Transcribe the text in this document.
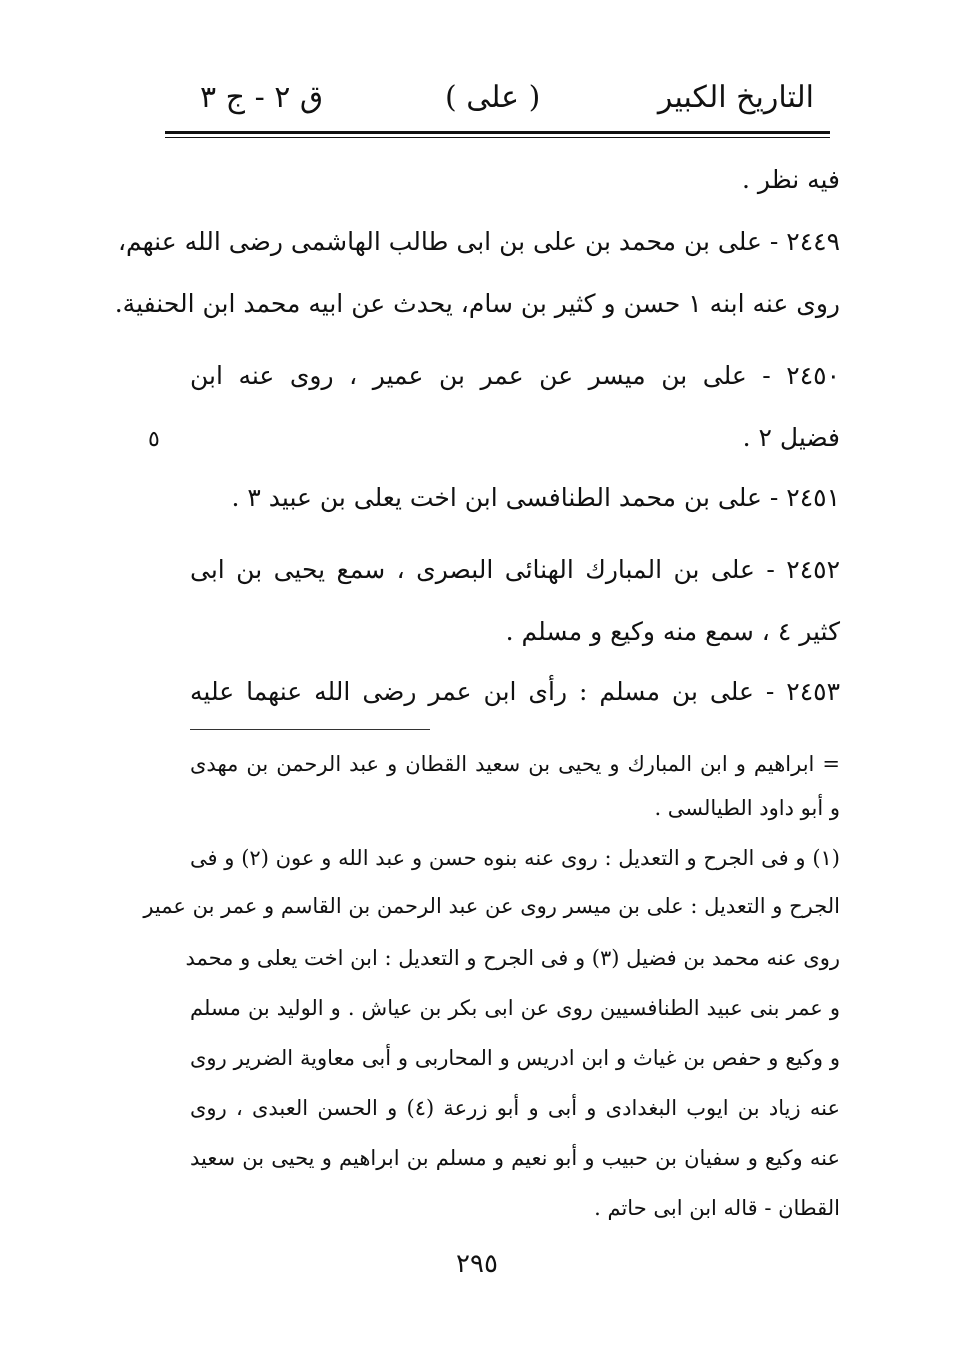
التاريخ الكبير
( على )
ق ٢ - ج ٣
فيه نظر .
٢٤٤٩ - على بن محمد بن على بن ابى طالب الهاشمى رضى الله عنهم،
روى عنه ابنه ١ حسن و كثير بن سام، يحدث عن ابيه محمد ابن الحنفية.
٢٤٥٠ - على بن ميسر عن عمر بن عمير ، روى عنه ابن
فضيل ٢ .
٥
٢٤٥١ - على بن محمد الطنافسى ابن اخت يعلى بن عبيد ٣ .
٢٤٥٢ - على بن المبارك الهنائى البصرى ، سمع يحيى بن ابى
كثير ٤ ، سمع منه وكيع و مسلم .
٢٤٥٣ - على بن مسلم : رأى ابن عمر رضى الله عنهما عليه
= ابراهيم و ابن المبارك و يحيى بن سعيد القطان و عبد الرحمن بن مهدى
و أبو داود الطيالسى .
(١) و فى الجرح و التعديل : روى عنه بنوه حسن و عبد الله و عون (٢) و فى
الجرح و التعديل : على بن ميسر روى عن عبد الرحمن بن القاسم و عمر بن عمير
روى عنه محمد بن فضيل (٣) و فى الجرح و التعديل : ابن اخت يعلى و محمد
و عمر بنى عبيد الطنافسيين روى عن ابى بكر بن عياش . و الوليد بن مسلم
و وكيع و حفص بن غياث و ابن ادريس و المحاربى و أبى معاوية الضرير روى
عنه زياد بن ايوب البغدادى و أبى و أبو زرعة (٤) و الحسن العبدى ، روى
عنه وكيع و سفيان بن حبيب و أبو نعيم و مسلم بن ابراهيم و يحيى بن سعيد
القطان - قاله ابن ابى حاتم .
٢٩٥
